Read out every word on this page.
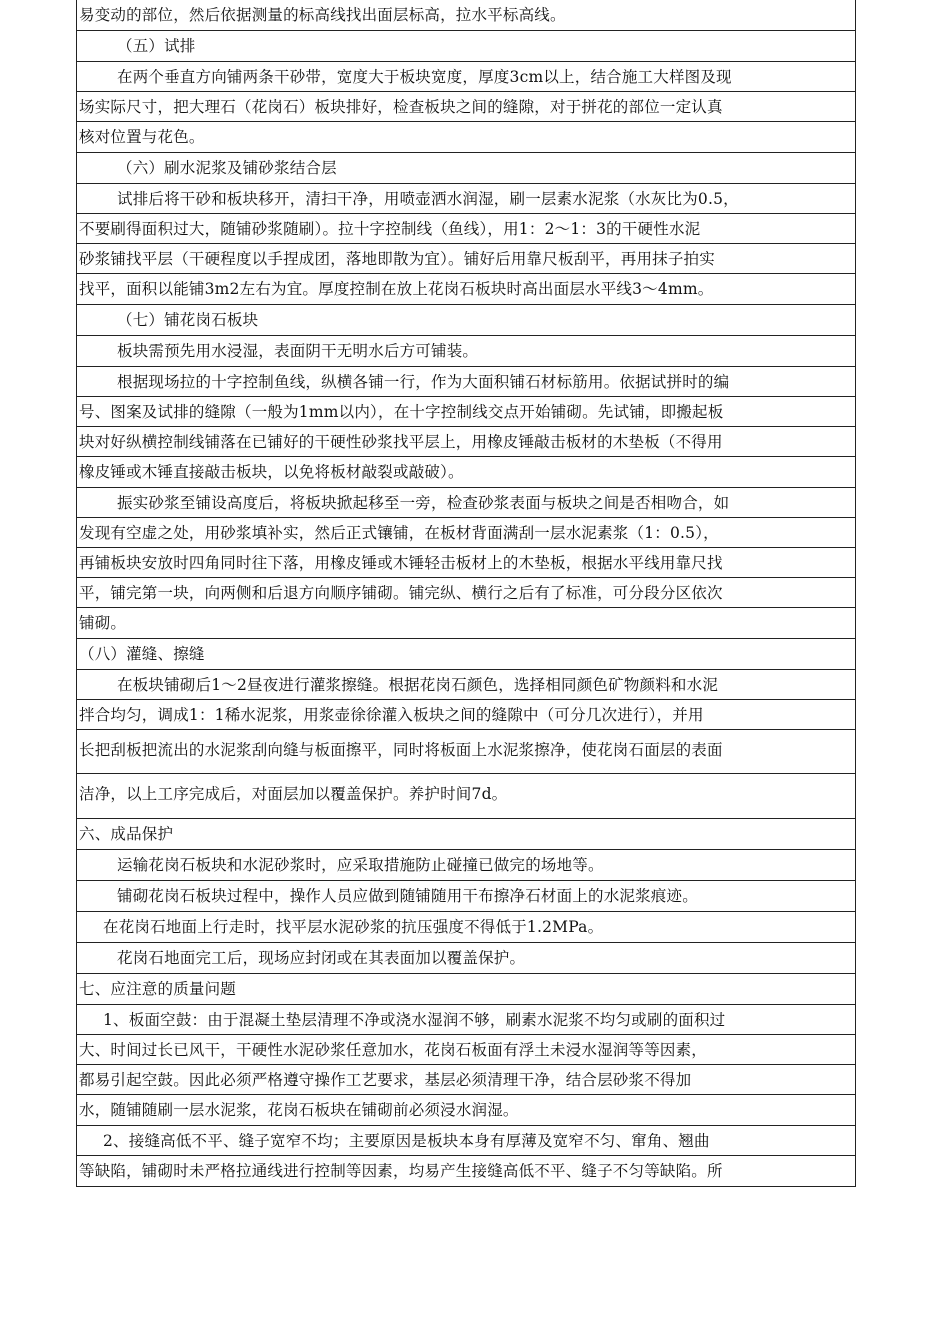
易变动的部位，然后依据测量的标高线找出面层标高，拉水平标高线。
（五）试排
在两个垂直方向铺两条干砂带，宽度大于板块宽度，厚度3cm以上，结合施工大样图及现
场实际尺寸，把大理石（花岗石）板块排好，检查板块之间的缝隙，对于拼花的部位一定认真
核对位置与花色。
（六）刷水泥浆及铺砂浆结合层
试排后将干砂和板块移开，清扫干净，用喷壶洒水润湿，刷一层素水泥浆（水灰比为0.5，
不要刷得面积过大，随铺砂浆随刷）。拉十字控制线（鱼线），用1：2～1：3的干硬性水泥
砂浆铺找平层（干硬程度以手捏成团，落地即散为宜）。铺好后用靠尺板刮平，再用抹子拍实
找平，面积以能铺3m2左右为宜。厚度控制在放上花岗石板块时高出面层水平线3～4mm。
（七）铺花岗石板块
板块需预先用水浸湿，表面阴干无明水后方可铺装。
根据现场拉的十字控制鱼线，纵横各铺一行，作为大面积铺石材标筋用。依据试拼时的编
号、图案及试排的缝隙（一般为1mm以内），在十字控制线交点开始铺砌。先试铺，即搬起板
块对好纵横控制线铺落在已铺好的干硬性砂浆找平层上，用橡皮锤敲击板材的木垫板（不得用
橡皮锤或木锤直接敲击板块，以免将板材敲裂或敲破）。
振实砂浆至铺设高度后，将板块掀起移至一旁，检查砂浆表面与板块之间是否相吻合，如
发现有空虚之处，用砂浆填补实，然后正式镶铺，在板材背面满刮一层水泥素浆（1：0.5），
再铺板块安放时四角同时往下落，用橡皮锤或木锤轻击板材上的木垫板，根据水平线用靠尺找
平，铺完第一块，向两侧和后退方向顺序铺砌。铺完纵、横行之后有了标准，可分段分区依次
铺砌。
（八）灌缝、擦缝
在板块铺砌后1～2昼夜进行灌浆擦缝。根据花岗石颜色，选择相同颜色矿物颜料和水泥
拌合均匀，调成1：1稀水泥浆，用浆壶徐徐灌入板块之间的缝隙中（可分几次进行），并用
长把刮板把流出的水泥浆刮向缝与板面擦平，同时将板面上水泥浆擦净，使花岗石面层的表面
洁净，以上工序完成后，对面层加以覆盖保护。养护时间7d。
六、成品保护
运输花岗石板块和水泥砂浆时，应采取措施防止碰撞已做完的场地等。
铺砌花岗石板块过程中，操作人员应做到随铺随用干布擦净石材面上的水泥浆痕迹。
在花岗石地面上行走时，找平层水泥砂浆的抗压强度不得低于1.2MPa。
花岗石地面完工后，现场应封闭或在其表面加以覆盖保护。
七、应注意的质量问题
1、板面空鼓：由于混凝土垫层清理不净或浇水湿润不够，刷素水泥浆不均匀或刷的面积过
大、时间过长已风干，干硬性水泥砂浆任意加水，花岗石板面有浮土未浸水湿润等等因素，
都易引起空鼓。因此必须严格遵守操作工艺要求，基层必须清理干净，结合层砂浆不得加
水，随铺随刷一层水泥浆，花岗石板块在铺砌前必须浸水润湿。
2、接缝高低不平、缝子宽窄不均；主要原因是板块本身有厚薄及宽窄不匀、窜角、翘曲
等缺陷，铺砌时未严格拉通线进行控制等因素，均易产生接缝高低不平、缝子不匀等缺陷。所
